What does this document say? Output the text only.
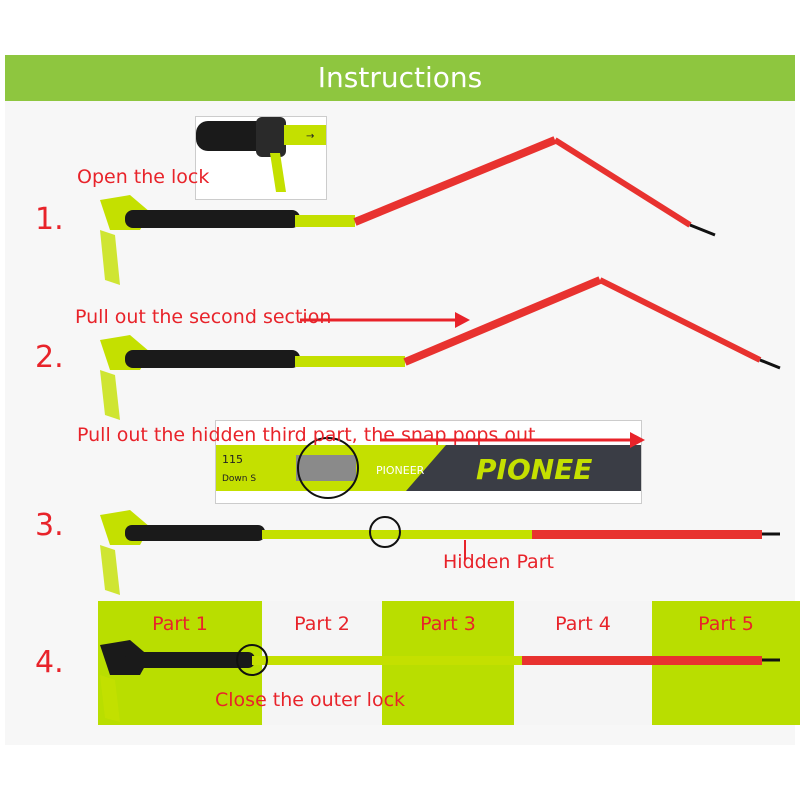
Instructions
Part 1	Part 2	Part 3	Part 4	Part 5
→
115
Down S
PIONEER PIONEE
1.
2.
3.
4.
Open the lock
Pull out the second section
Pull out the hidden third part, the snap pops out
Hidden Part
Close the outer lock
